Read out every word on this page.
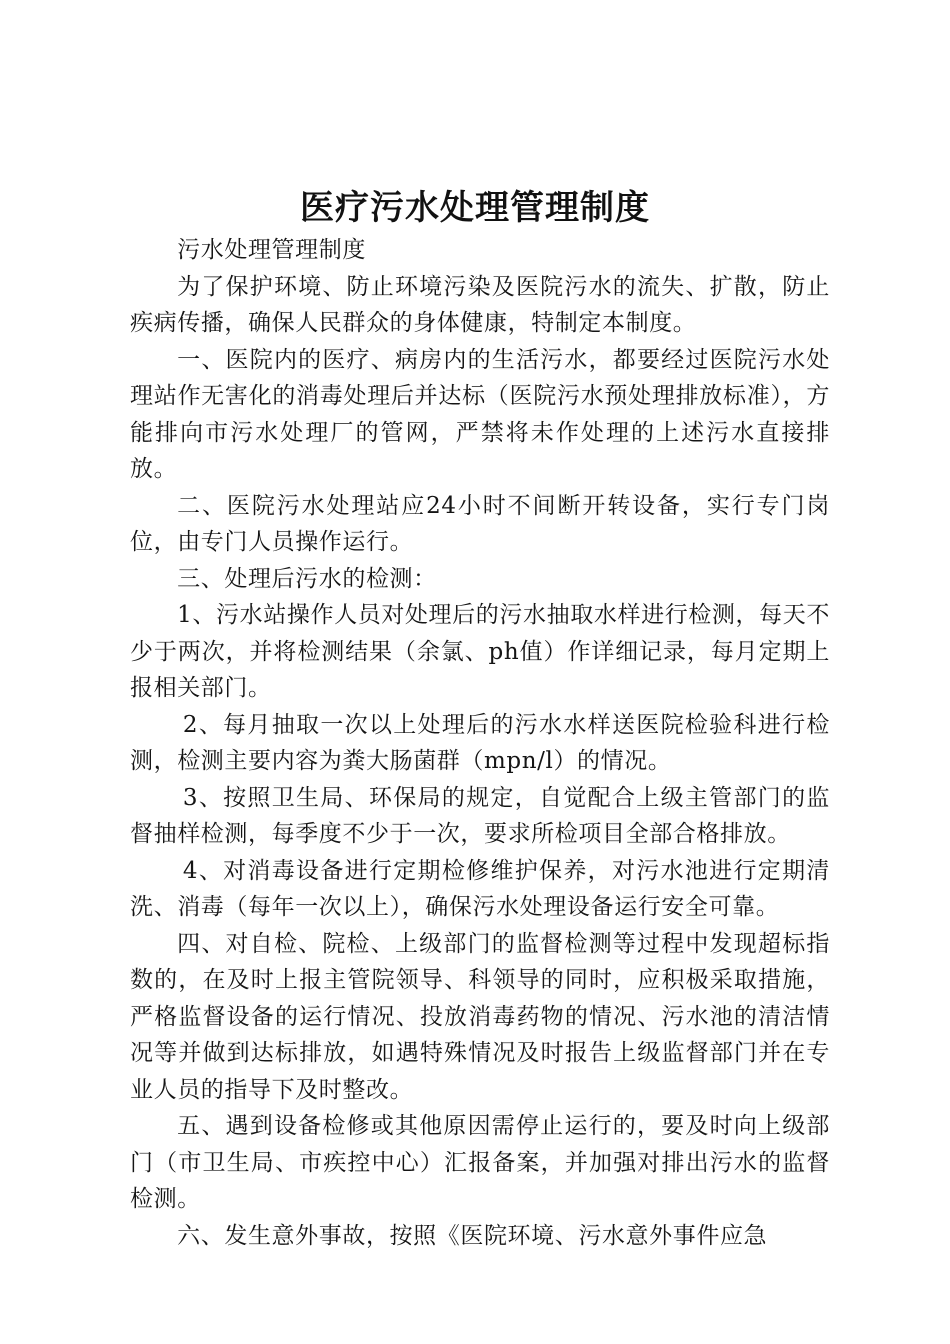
医疗污水处理管理制度

污水处理管理制度

为了保护环境、防止环境污染及医院污水的流失、扩散，防止疾病传播，确保人民群众的身体健康，特制定本制度。

一、医院内的医疗、病房内的生活污水，都要经过医院污水处理站作无害化的消毒处理后并达标（医院污水预处理排放标准），方能排向市污水处理厂的管网，严禁将未作处理的上述污水直接排放。

二、医院污水处理站应24小时不间断开转设备，实行专门岗位，由专门人员操作运行。

三、处理后污水的检测：

1、污水站操作人员对处理后的污水抽取水样进行检测，每天不少于两次，并将检测结果（余氯、ph值）作详细记录，每月定期上报相关部门。

2、每月抽取一次以上处理后的污水水样送医院检验科进行检测，检测主要内容为粪大肠菌群（mpn/l）的情况。

3、按照卫生局、环保局的规定，自觉配合上级主管部门的监督抽样检测，每季度不少于一次，要求所检项目全部合格排放。

4、对消毒设备进行定期检修维护保养，对污水池进行定期清洗、消毒（每年一次以上），确保污水处理设备运行安全可靠。

四、对自检、院检、上级部门的监督检测等过程中发现超标指数的，在及时上报主管院领导、科领导的同时，应积极采取措施，严格监督设备的运行情况、投放消毒药物的情况、污水池的清洁情况等并做到达标排放，如遇特殊情况及时报告上级监督部门并在专业人员的指导下及时整改。

五、遇到设备检修或其他原因需停止运行的，要及时向上级部门（市卫生局、市疾控中心）汇报备案，并加强对排出污水的监督检测。

六、发生意外事故，按照《医院环境、污水意外事件应急
